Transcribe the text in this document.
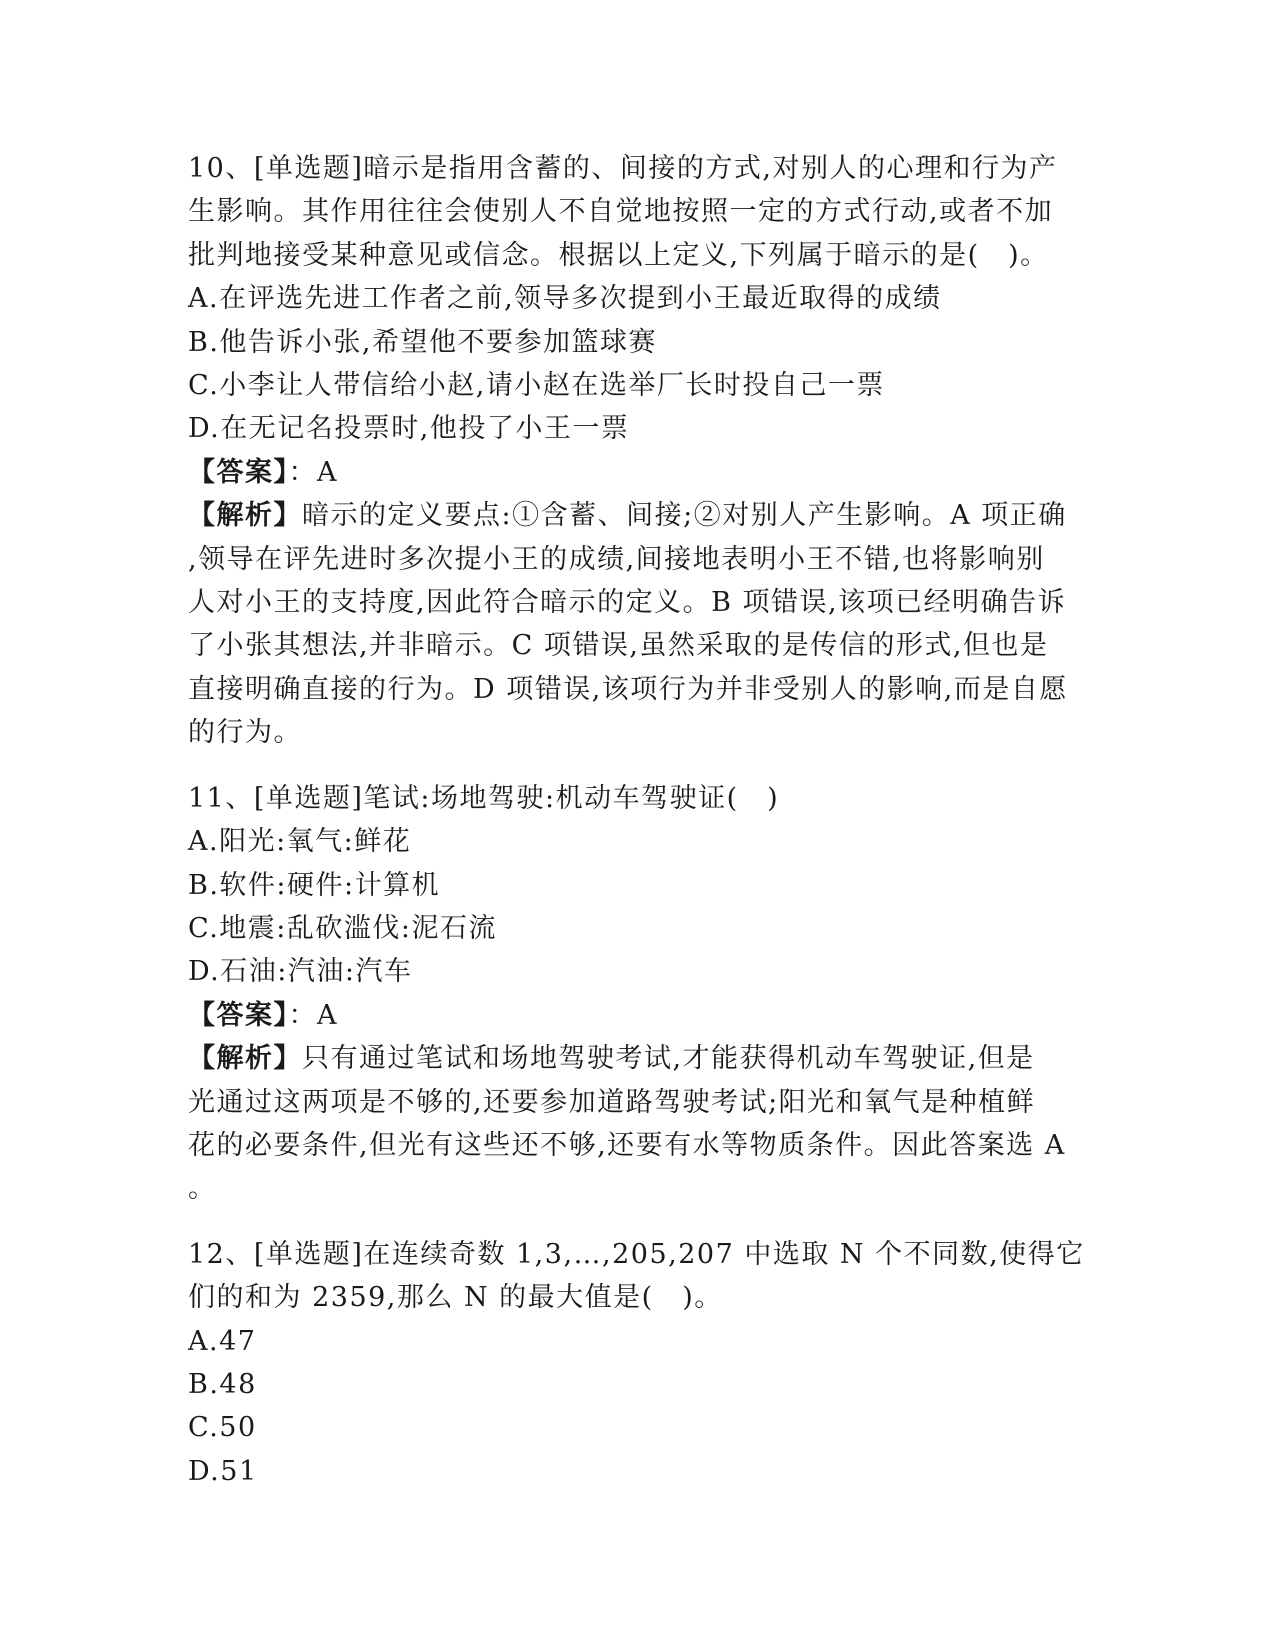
10、[单选题]暗示是指用含蓄的、间接的方式,对别人的心理和行为产
生影响。其作用往往会使别人不自觉地按照一定的方式行动,或者不加
批判地接受某种意见或信念。根据以上定义,下列属于暗示的是(　)。
A.在评选先进工作者之前,领导多次提到小王最近取得的成绩
B.他告诉小张,希望他不要参加篮球赛
C.小李让人带信给小赵,请小赵在选举厂长时投自己一票
D.在无记名投票时,他投了小王一票
【答案】：A
【解析】暗示的定义要点:①含蓄、间接;②对别人产生影响。A 项正确
,领导在评先进时多次提小王的成绩,间接地表明小王不错,也将影响别
人对小王的支持度,因此符合暗示的定义。B 项错误,该项已经明确告诉
了小张其想法,并非暗示。C 项错误,虽然采取的是传信的形式,但也是
直接明确直接的行为。D 项错误,该项行为并非受别人的影响,而是自愿
的行为。
11、[单选题]笔试:场地驾驶:机动车驾驶证(　)
A.阳光:氧气:鲜花
B.软件:硬件:计算机
C.地震:乱砍滥伐:泥石流
D.石油:汽油:汽车
【答案】：A
【解析】只有通过笔试和场地驾驶考试,才能获得机动车驾驶证,但是
光通过这两项是不够的,还要参加道路驾驶考试;阳光和氧气是种植鲜
花的必要条件,但光有这些还不够,还要有水等物质条件。因此答案选 A
。
12、[单选题]在连续奇数 1,3,…,205,207 中选取 N 个不同数,使得它
们的和为 2359,那么 N 的最大值是(　)。
A.47
B.48
C.50
D.51
